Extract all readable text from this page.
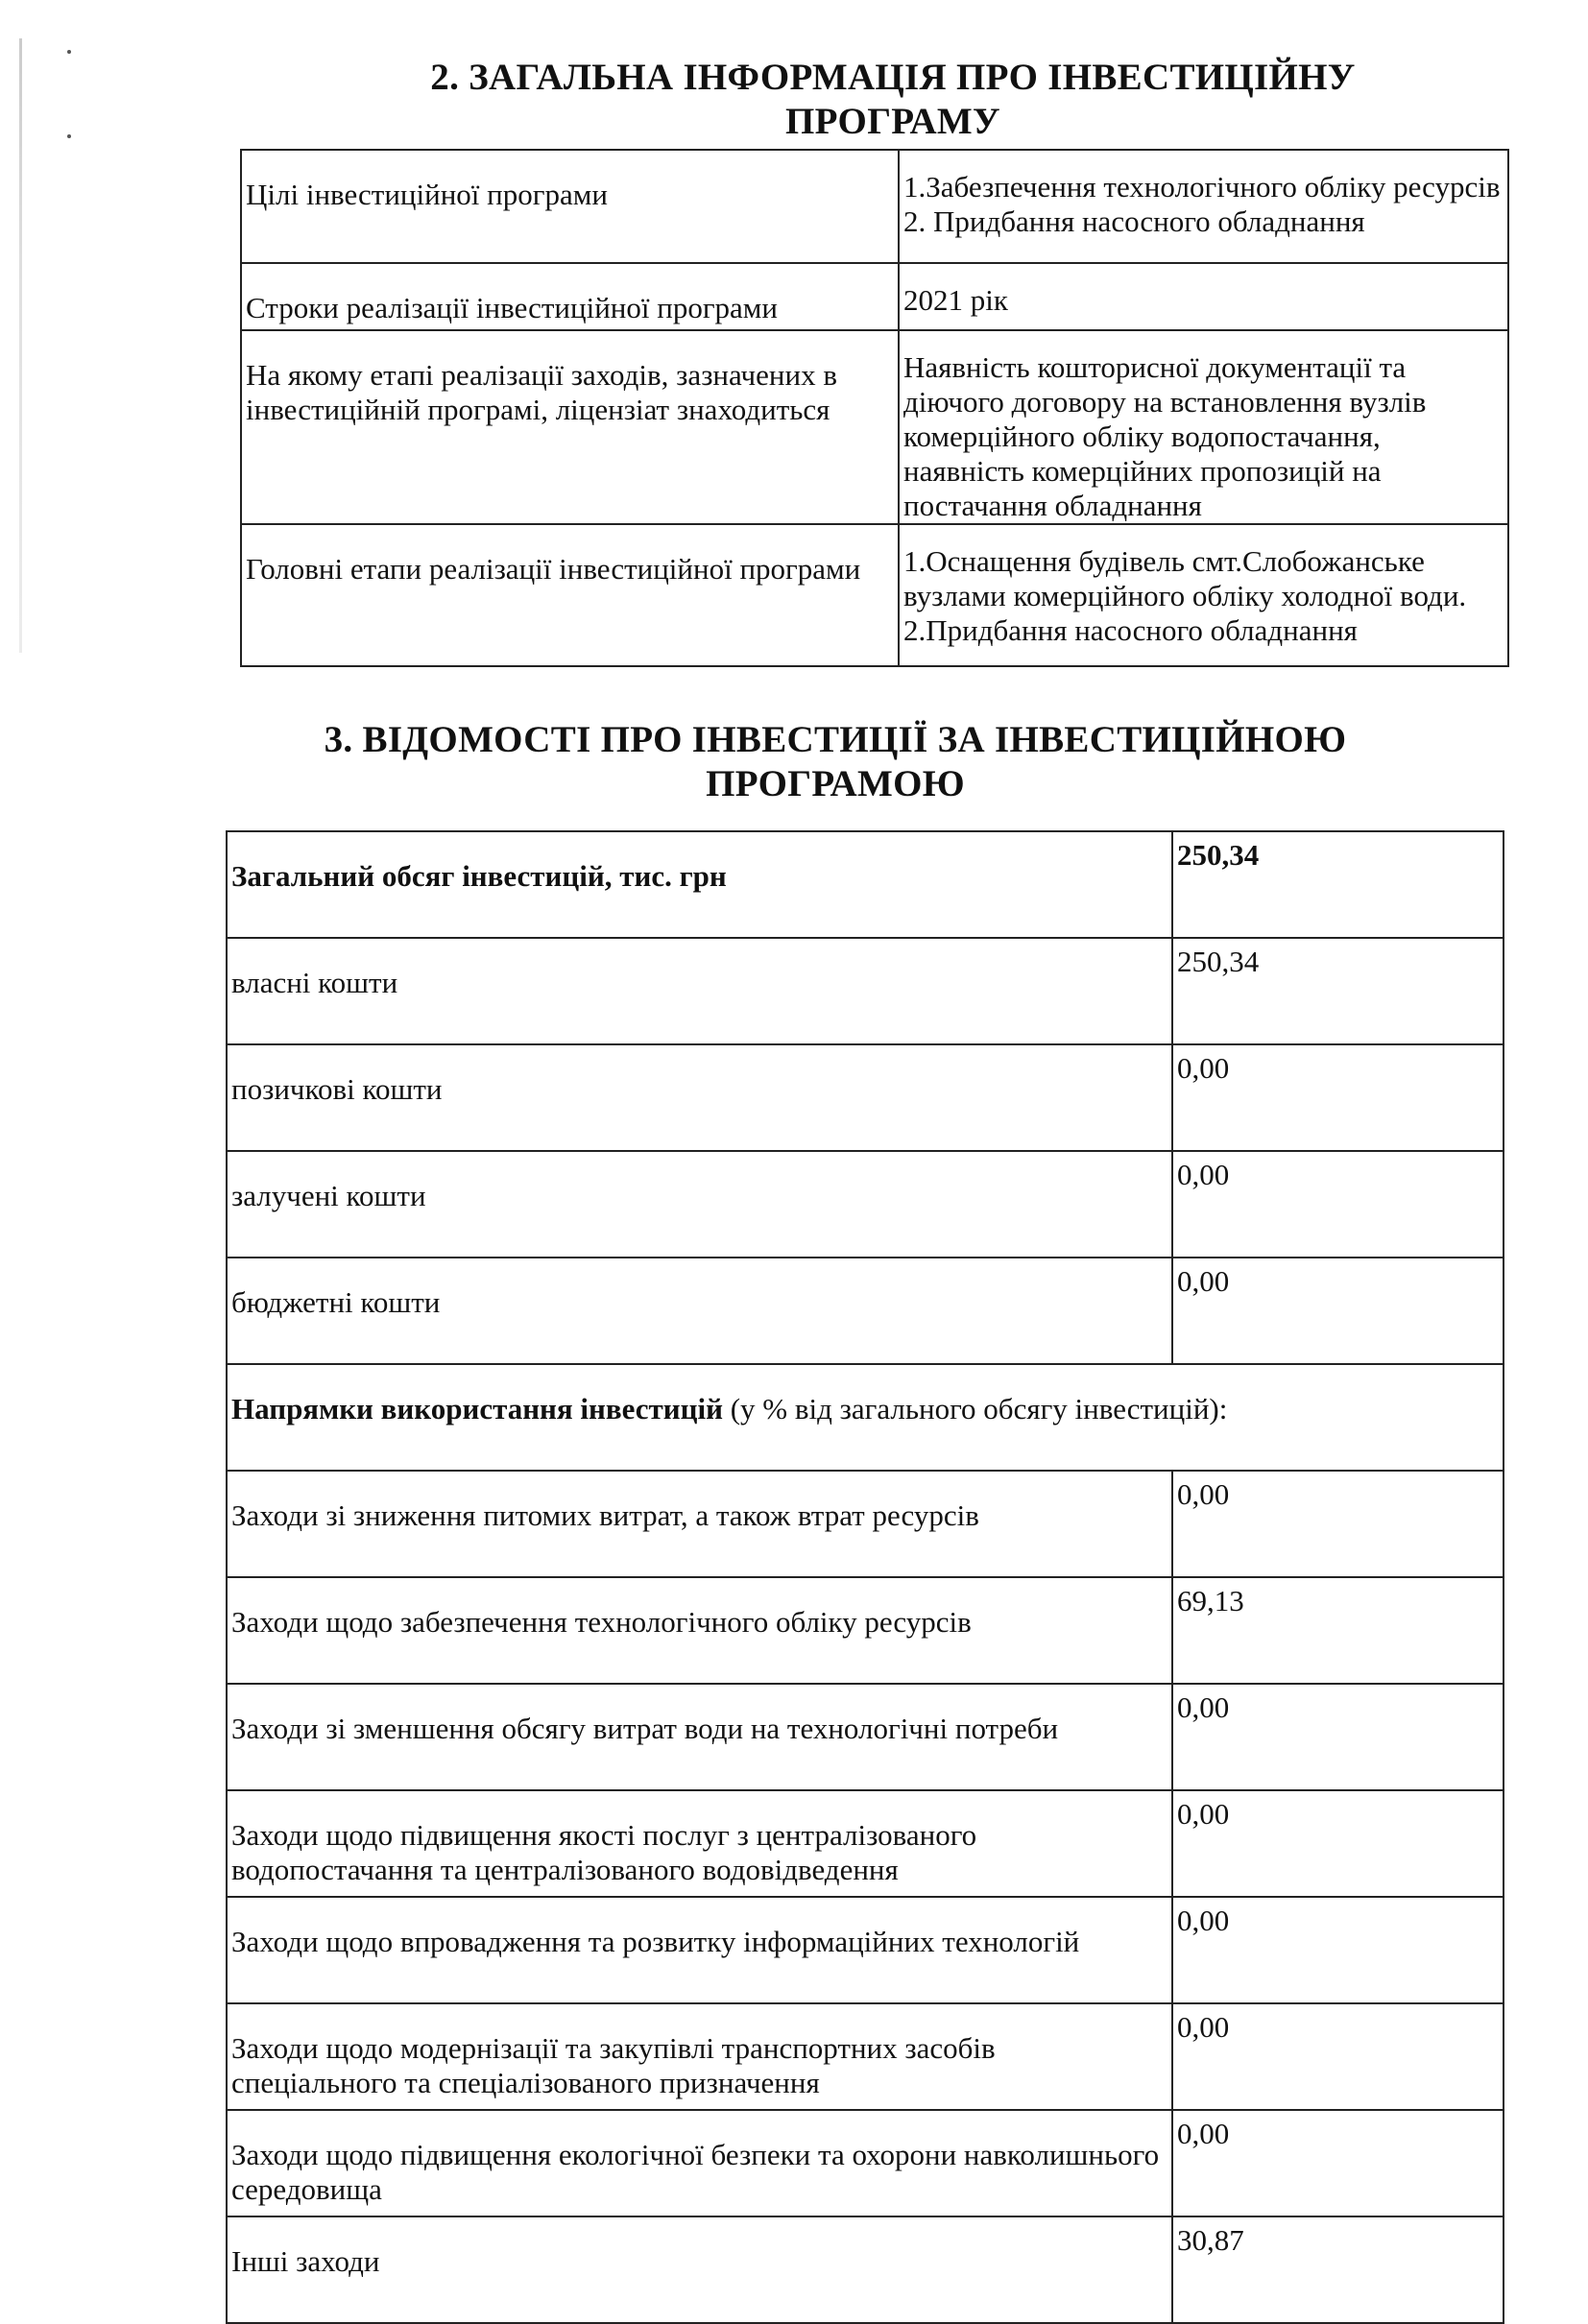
2. ЗАГАЛЬНА ІНФОРМАЦІЯ ПРО ІНВЕСТИЦІЙНУ ПРОГРАМУ
Цілі інвестиційної програми	1.Забезпечення технологічного обліку ресурсів
2. Придбання насосного обладнання

Строки реалізації інвестиційної програми	2021 рік

На якому етапі реалізації заходів, зазначених в інвестиційній програмі, ліцензіат знаходиться	Наявність кошторисної документації та діючого договору на встановлення вузлів комерційного обліку водопостачання, наявність комерційних пропозицій на постачання обладнання

Головні етапи реалізації інвестиційної програми	1.Оснащення будівель смт.Слобожанське вузлами комерційного обліку холодної води.
2.Придбання насосного обладнання
3. ВІДОМОСТІ ПРО ІНВЕСТИЦІЇ ЗА ІНВЕСТИЦІЙНОЮ ПРОГРАМОЮ
Загальний обсяг інвестицій, тис. грн	250,34
власні кошти	250,34
позичкові кошти	0,00
залучені кошти	0,00
бюджетні кошти	0,00
Напрямки використання інвестицій (у % від загального обсягу інвестицій):	
Заходи зі зниження питомих витрат, а також втрат ресурсів	0,00
Заходи щодо забезпечення технологічного обліку ресурсів	69,13
Заходи зі зменшення обсягу витрат води на технологічні потреби	0,00
Заходи щодо підвищення якості послуг з централізованого водопостачання та централізованого водовідведення	0,00
Заходи щодо впровадження та розвитку інформаційних технологій	0,00
Заходи щодо модернізації та закупівлі транспортних засобів спеціального та спеціалізованого призначення	0,00
Заходи щодо підвищення екологічної безпеки та охорони навколишнього середовища	0,00
Інші заходи	30,87
